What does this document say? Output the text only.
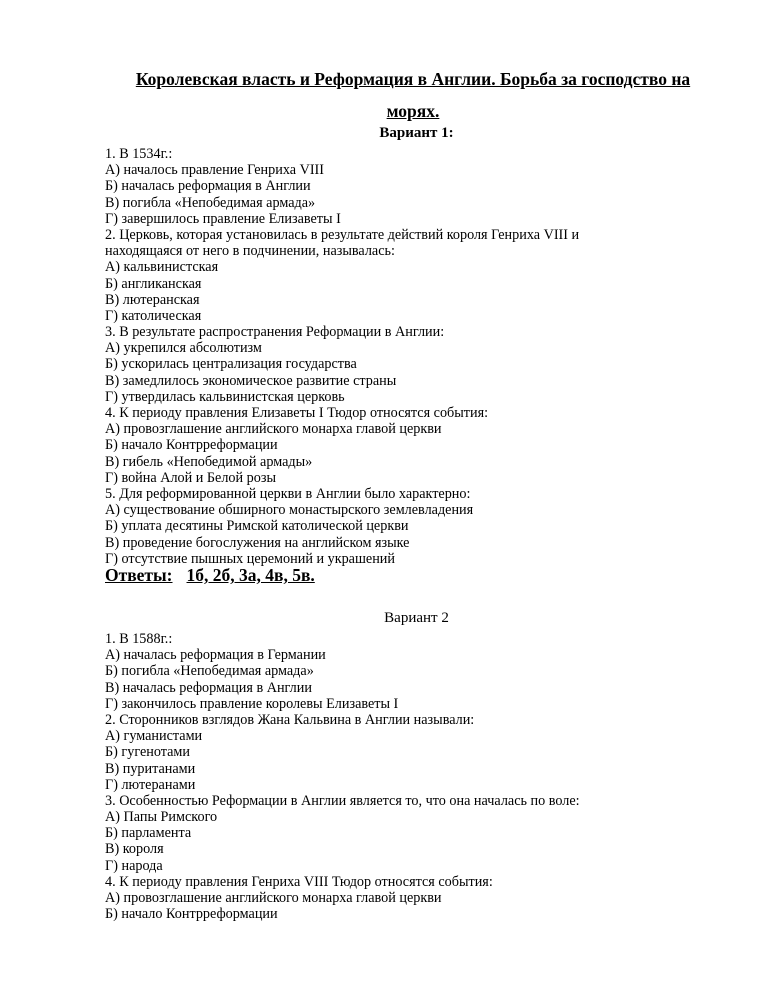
Королевская власть и Реформация в Англии. Борьба за господство на
морях.
Вариант 1:
1. В 1534г.:
А) началось правление Генриха VIII
Б) началась реформация в Англии
В) погибла «Непобедимая армада»
Г) завершилось правление Елизаветы I
2. Церковь, которая установилась в результате действий короля Генриха VIII и
находящаяся от него в подчинении, называлась:
А) кальвинистская
Б) англиканская
В) лютеранская
Г) католическая
3. В результате распространения Реформации в Англии:
А) укрепился абсолютизм
Б) ускорилась централизация государства
В) замедлилось экономическое развитие страны
Г) утвердилась кальвинистская церковь
4. К периоду правления Елизаветы I Тюдор относятся события:
А) провозглашение английского монарха главой церкви
Б) начало Контрреформации
В) гибель «Непобедимой армады»
Г) война Алой и Белой розы
5. Для реформированной церкви в Англии было характерно:
А) существование обширного монастырского землевладения
Б) уплата десятины Римской католической церкви
В) проведение богослужения на английском языке
Г) отсутствие пышных церемоний и украшений
Ответы: 1б, 2б, 3а, 4в, 5в.
Вариант 2
1. В 1588г.:
А) началась реформация в Германии
Б) погибла «Непобедимая армада»
В) началась реформация в Англии
Г) закончилось правление королевы Елизаветы I
2. Сторонников взглядов Жана Кальвина в Англии называли:
А) гуманистами
Б) гугенотами
В) пуританами
Г) лютеранами
3. Особенностью Реформации в Англии является то, что она началась по воле:
А) Папы Римского
Б) парламента
В) короля
Г) народа
4. К периоду правления Генриха VIII Тюдор относятся события:
А) провозглашение английского монарха главой церкви
Б) начало Контрреформации
